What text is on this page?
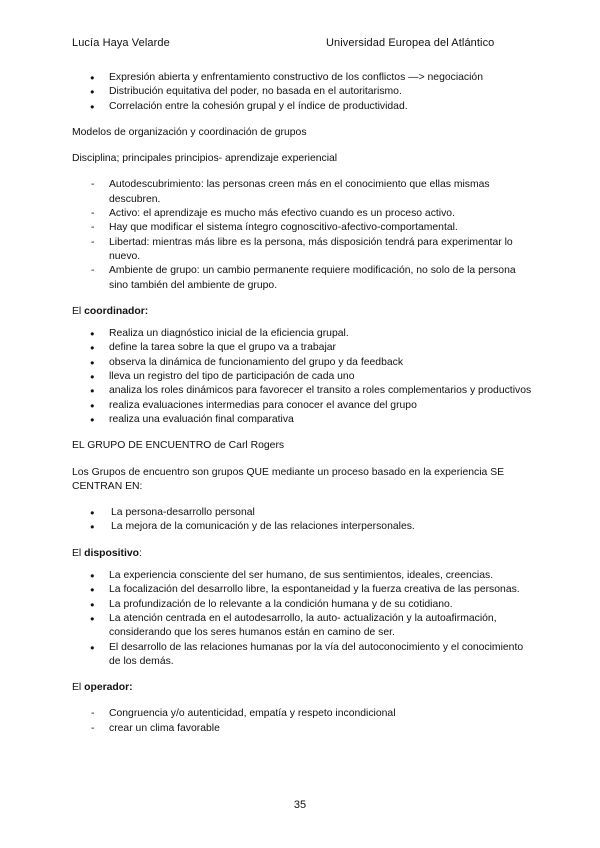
Lucía Haya Velarde	Universidad Europea del Atlántico
● Expresión abierta y enfrentamiento constructivo de los conflictos —> negociación
● Distribución equitativa del poder, no basada en el autoritarismo.
● Correlación entre la cohesión grupal y el índice de productividad.

Modelos de organización y coordinación de grupos

Disciplina; principales principios- aprendizaje experiencial

- Autodescubrimiento: las personas creen más en el conocimiento que ellas mismas descubren.
- Activo: el aprendizaje es mucho más efectivo cuando es un proceso activo.
- Hay que modificar el sistema íntegro cognoscitivo-afectivo-comportamental.
- Libertad: mientras más libre es la persona, más disposición tendrá para experimentar lo nuevo.
- Ambiente de grupo: un cambio permanente requiere modificación, no solo de la persona sino también del ambiente de grupo.

El coordinador:

● Realiza un diagnóstico inicial de la eficiencia grupal.
● define la tarea sobre la que el grupo va a trabajar
● observa la dinámica de funcionamiento del grupo y da feedback
● lleva un registro del tipo de participación de cada uno
● analiza los roles dinámicos para favorecer el transito a roles complementarios y productivos
● realiza evaluaciones intermedias para conocer el avance del grupo
● realiza una evaluación final comparativa

EL GRUPO DE ENCUENTRO de Carl Rogers

Los Grupos de encuentro son grupos QUE mediante un proceso basado en la experiencia SE CENTRAN EN:

● La persona-desarrollo personal
● La mejora de la comunicación y de las relaciones interpersonales.

El dispositivo:

● La experiencia consciente del ser humano, de sus sentimientos, ideales, creencias.
● La focalización del desarrollo libre, la espontaneidad y la fuerza creativa de las personas.
● La profundización de lo relevante a la condición humana y de su cotidiano.
● La atención centrada en el autodesarrollo, la auto- actualización y la autoafirmación, considerando que los seres humanos están en camino de ser.
● El desarrollo de las relaciones humanas por la vía del autoconocimiento y el conocimiento de los demás.

El operador:

- Congruencia y/o autenticidad, empatía y respeto incondicional
- crear un clima favorable
35
